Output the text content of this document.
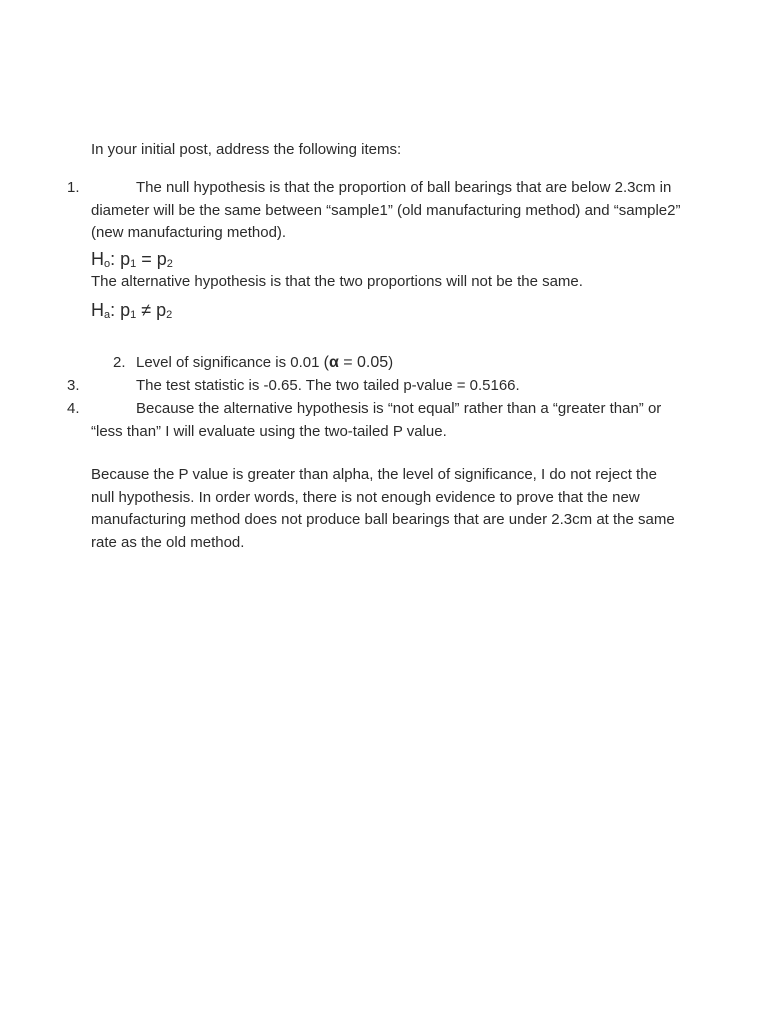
In your initial post, address the following items:

1.	The null hypothesis is that the proportion of ball bearings that are below 2.3cm in diameter will be the same between “sample1” (old manufacturing method) and “sample2” (new manufacturing method).

$H_o$: $p_1 = p_2$

The alternative hypothesis is that the two proportions will not be the same.

$H_a$: $p_1 \ne p_2$
2. Level of significance is 0.01 (α = 0.05)
3.	The test statistic is -0.65. The two tailed p-value = 0.5166.
4.	Because the alternative hypothesis is “not equal” rather than a “greater than” or “less than” I will evaluate using the two-tailed P value.

Because the P value is greater than alpha, the level of significance, I do not reject the null hypothesis. In order words, there is not enough evidence to prove that the new manufacturing method does not produce ball bearings that are under 2.3cm at the same rate as the old method.
